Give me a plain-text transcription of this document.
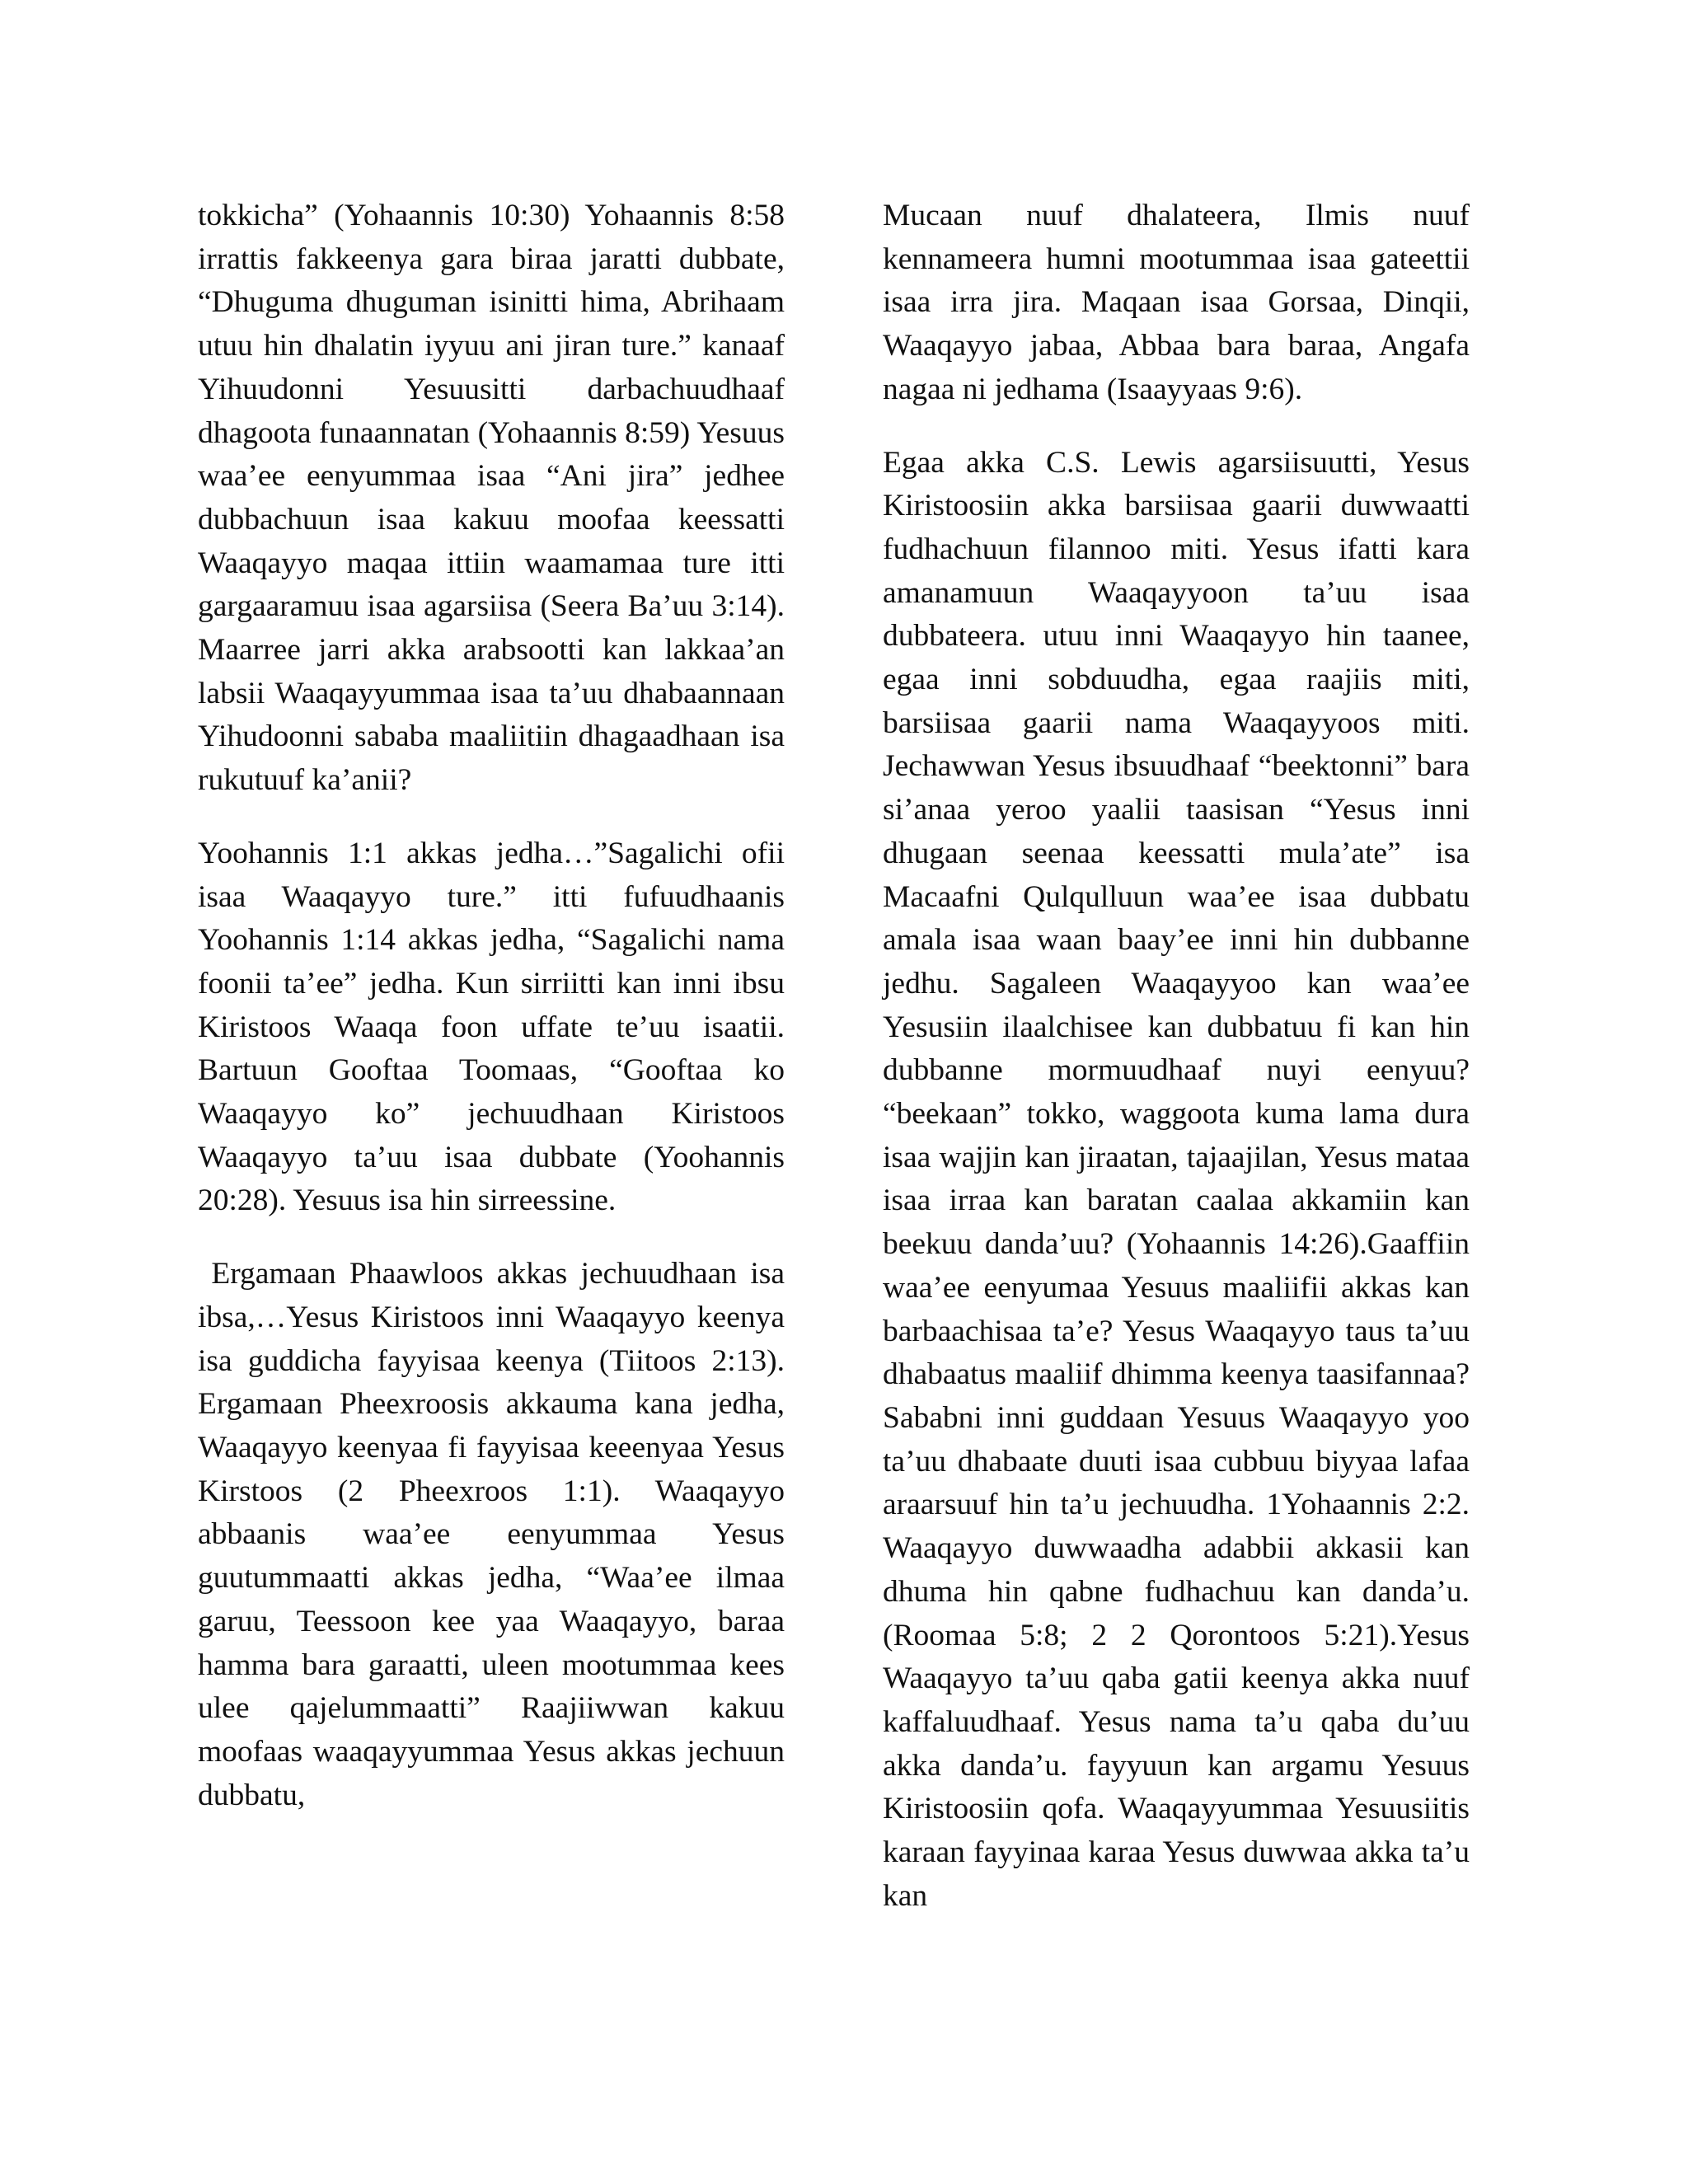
tokkicha” (Yohaannis 10:30) Yohaannis 8:58 irrattis fakkeenya gara biraa jaratti dubbate, “Dhuguma dhuguman isinitti hima, Abrihaam utuu hin dhalatin iyyuu ani jiran ture.” kanaaf Yihuudonni Yesuusitti darbachuudhaaf dhagoota funaannatan (Yohaannis 8:59) Yesuus waa’ee eenyummaa isaa “Ani jira” jedhee dubbachuun isaa kakuu moofaa keessatti Waaqayyo maqaa ittiin waamamaa ture itti gargaaramuu isaa agarsiisa (Seera Ba’uu 3:14). Maarree jarri akka arabsootti kan lakkaa’an labsii Waaqayyummaa isaa ta’uu dhabaannaan Yihudoonni sababa maaliitiin dhagaadhaan isa rukutuuf ka’anii?

Yoohannis 1:1 akkas jedha…”Sagalichi ofii isaa Waaqayyo ture.” itti fufuudhaanis Yoohannis 1:14 akkas jedha, “Sagalichi nama foonii ta’ee” jedha. Kun sirriitti kan inni ibsu Kiristoos Waaqa foon uffate te’uu isaatii. Bartuun Gooftaa Toomaas, “Gooftaa ko Waaqayyo ko” jechuudhaan Kiristoos Waaqayyo ta’uu isaa dubbate (Yoohannis 20:28). Yesuus isa hin sirreessine.

Ergamaan Phaawloos akkas jechuudhaan isa ibsa,…Yesus Kiristoos inni Waaqayyo keenya isa guddicha fayyisaa keenya (Tiitoos 2:13). Ergamaan Pheexroosis akkauma kana jedha, Waaqayyo keenyaa fi fayyisaa keeenyaa Yesus Kirstoos (2 Pheexroos 1:1). Waaqayyo abbaanis waa’ee eenyummaa Yesus guutummaatti akkas jedha, “Waa’ee ilmaa garuu, Teessoon kee yaa Waaqayyo, baraa hamma bara garaatti, uleen mootummaa kees ulee qajelummaatti” Raajiiwwan kakuu moofaas waaqayyummaa Yesus akkas jechuun dubbatu,

Mucaan nuuf dhalateera, Ilmis nuuf kennameera humni mootummaa isaa gateettii isaa irra jira. Maqaan isaa Gorsaa, Dinqii, Waaqayyo jabaa, Abbaa bara baraa, Angafa nagaa ni jedhama (Isaayyaas 9:6).

Egaa akka C.S. Lewis agarsiisuutti, Yesus Kiristoosiin akka barsiisaa gaarii duwwaatti fudhachuun filannoo miti. Yesus ifatti kara amanamuun Waaqayyoon ta’uu isaa dubbateera. utuu inni Waaqayyo hin taanee, egaa inni sobduudha, egaa raajiis miti, barsiisaa gaarii nama Waaqayyoos miti. Jechawwan Yesus ibsuudhaaf “beektonni” bara si’anaa yeroo yaalii taasisan “Yesus inni dhugaan seenaa keessatti mula’ate” isa Macaafni Qulqulluun waa’ee isaa dubbatu amala isaa waan baay’ee inni hin dubbanne jedhu. Sagaleen Waaqayyoo kan waa’ee Yesusiin ilaalchisee kan dubbatuu fi kan hin dubbanne mormuudhaaf nuyi eenyuu? “beekaan” tokko, waggoota kuma lama dura isaa wajjin kan jiraatan, tajaajilan, Yesus mataa isaa irraa kan baratan caalaa akkamiin kan beekuu danda’uu? (Yohaannis 14:26).Gaaffiin waa’ee eenyumaa Yesuus maaliifii akkas kan barbaachisaa ta’e? Yesus Waaqayyo taus ta’uu dhabaatus maaliif dhimma keenya taasifannaa? Sababni inni guddaan Yesuus Waaqayyo yoo ta’uu dhabaate duuti isaa cubbuu biyyaa lafaa araarsuuf hin ta’u jechuudha. 1Yohaannis 2:2. Waaqayyo duwwaadha adabbii akkasii kan dhuma hin qabne fudhachuu kan danda’u. (Roomaa 5:8; 2 2 Qorontoos 5:21).Yesus Waaqayyo ta’uu qaba gatii keenya akka nuuf kaffaluudhaaf. Yesus nama ta’u qaba du’uu akka danda’u. fayyuun kan argamu Yesuus Kiristoosiin qofa. Waaqayyummaa Yesuusiitis karaan fayyinaa karaa Yesus duwwaa akka ta’u kan
